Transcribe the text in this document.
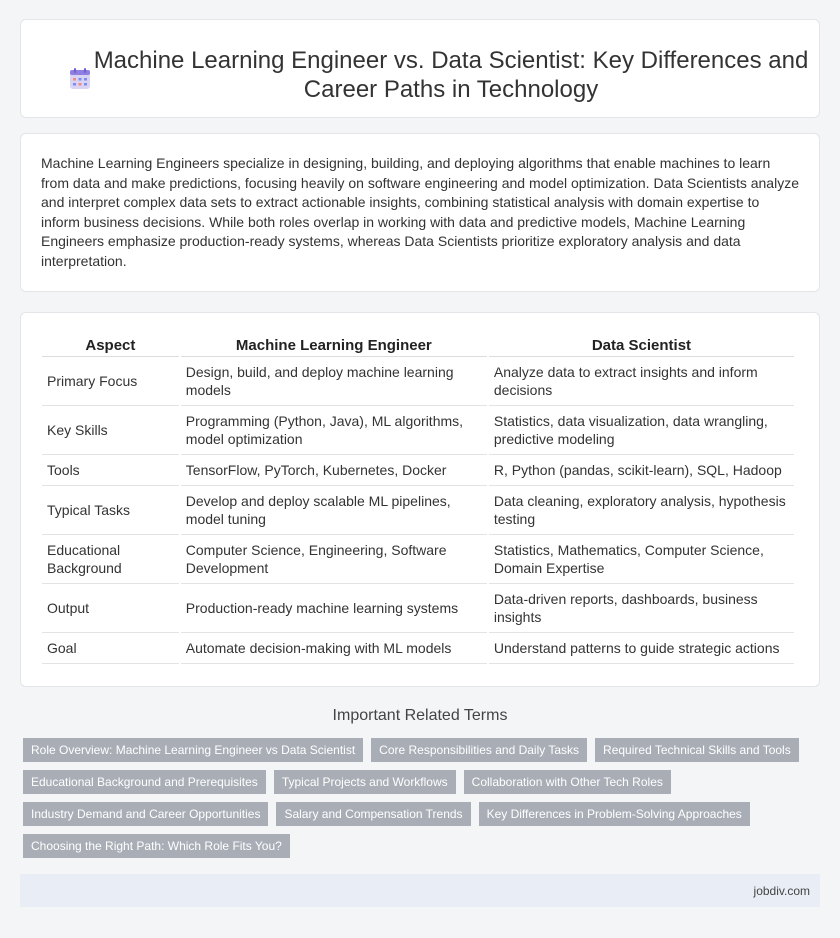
Machine Learning Engineer vs. Data Scientist: Key Differences and Career Paths in Technology

Machine Learning Engineers specialize in designing, building, and deploying algorithms that enable machines to learn from data and make predictions, focusing heavily on software engineering and model optimization. Data Scientists analyze and interpret complex data sets to extract actionable insights, combining statistical analysis with domain expertise to inform business decisions. While both roles overlap in working with data and predictive models, Machine Learning Engineers emphasize production-ready systems, whereas Data Scientists prioritize exploratory analysis and data interpretation.

Aspect	Machine Learning Engineer	Data Scientist
Primary Focus	Design, build, and deploy machine learning models	Analyze data to extract insights and inform decisions
Key Skills	Programming (Python, Java), ML algorithms, model optimization	Statistics, data visualization, data wrangling, predictive modeling
Tools	TensorFlow, PyTorch, Kubernetes, Docker	R, Python (pandas, scikit-learn), SQL, Hadoop
Typical Tasks	Develop and deploy scalable ML pipelines, model tuning	Data cleaning, exploratory analysis, hypothesis testing
Educational Background	Computer Science, Engineering, Software Development	Statistics, Mathematics, Computer Science, Domain Expertise
Output	Production-ready machine learning systems	Data-driven reports, dashboards, business insights
Goal	Automate decision-making with ML models	Understand patterns to guide strategic actions
Important Related Terms
Role Overview: Machine Learning Engineer vs Data Scientist	Core Responsibilities and Daily Tasks	Required Technical Skills and Tools
Educational Background and Prerequisites	Typical Projects and Workflows	Collaboration with Other Tech Roles
Industry Demand and Career Opportunities	Salary and Compensation Trends	Key Differences in Problem-Solving Approaches
Choosing the Right Path: Which Role Fits You?
jobdiv.com
